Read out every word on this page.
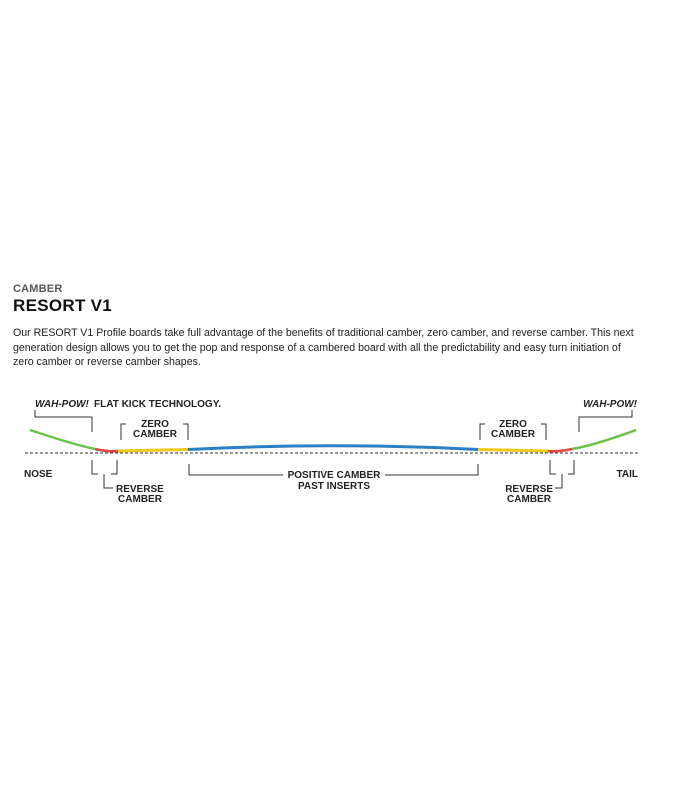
CAMBER
RESORT V1

Our RESORT V1 Profile boards take full advantage of the benefits of traditional camber, zero camber, and reverse camber. This next generation design allows you to get the pop and response of a cambered board with all the predictability and easy turn initiation of zero camber or reverse camber shapes.

WAH-POW! FLAT KICK TECHNOLOGY.	WAH-POW!
ZERO
CAMBER
ZERO
CAMBER
NOSE	TAIL
REVERSE
CAMBER
REVERSE
CAMBER
POSITIVE CAMBER
PAST INSERTS
